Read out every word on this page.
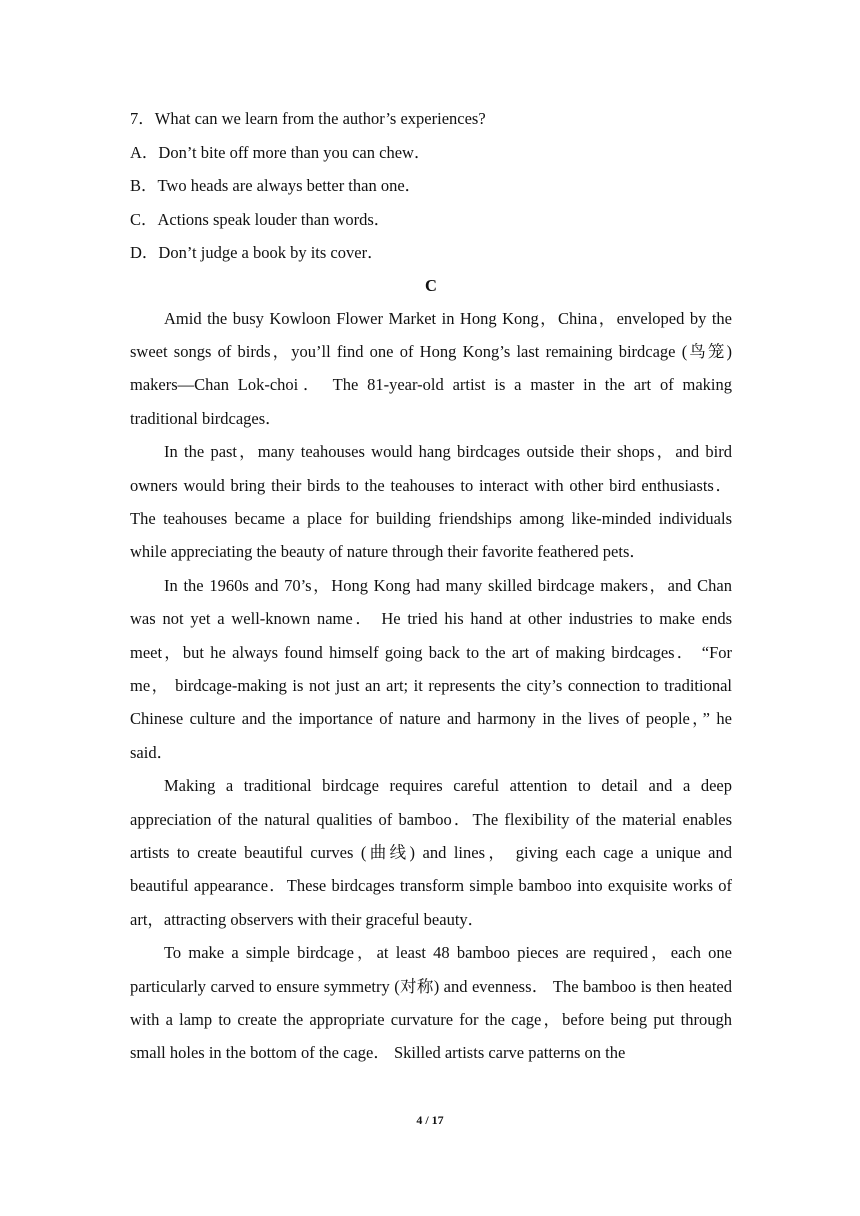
7．What can we learn from the author’s experiences?
A．Don’t bite off more than you can chew．
B．Two heads are always better than one．
C．Actions speak louder than words．
D．Don’t judge a book by its cover．
C

Amid the busy Kowloon Flower Market in Hong Kong，China，enveloped by the sweet songs of birds，you’ll find one of Hong Kong’s last remaining birdcage (鸟笼) makers—Chan Lok-choi． The 81-year-old artist is a master in the art of making traditional birdcages．

In the past，many teahouses would hang birdcages outside their shops，and bird owners would bring their birds to the teahouses to interact with other bird enthusiasts． The teahouses became a place for building friendships among like-minded individuals while appreciating the beauty of nature through their favorite feathered pets．

In the 1960s and 70’s，Hong Kong had many skilled birdcage makers，and Chan was not yet a well-known name． He tried his hand at other industries to make ends meet，but he always found himself going back to the art of making birdcages． “For me， birdcage-making is not just an art; it represents the city’s connection to traditional Chinese culture and the importance of nature and harmony in the lives of people，” he said．

Making a traditional birdcage requires careful attention to detail and a deep appreciation of the natural qualities of bamboo．The flexibility of the material enables artists to create beautiful curves (曲线) and lines， giving each cage a unique and beautiful appearance．These birdcages transform simple bamboo into exquisite works of art，attracting observers with their graceful beauty．

To make a simple birdcage，at least 48 bamboo pieces are required，each one particularly carved to ensure symmetry (对称) and evenness． The bamboo is then heated with a lamp to create the appropriate curvature for the cage，before being put through small holes in the bottom of the cage． Skilled artists carve patterns on the

4 / 17
